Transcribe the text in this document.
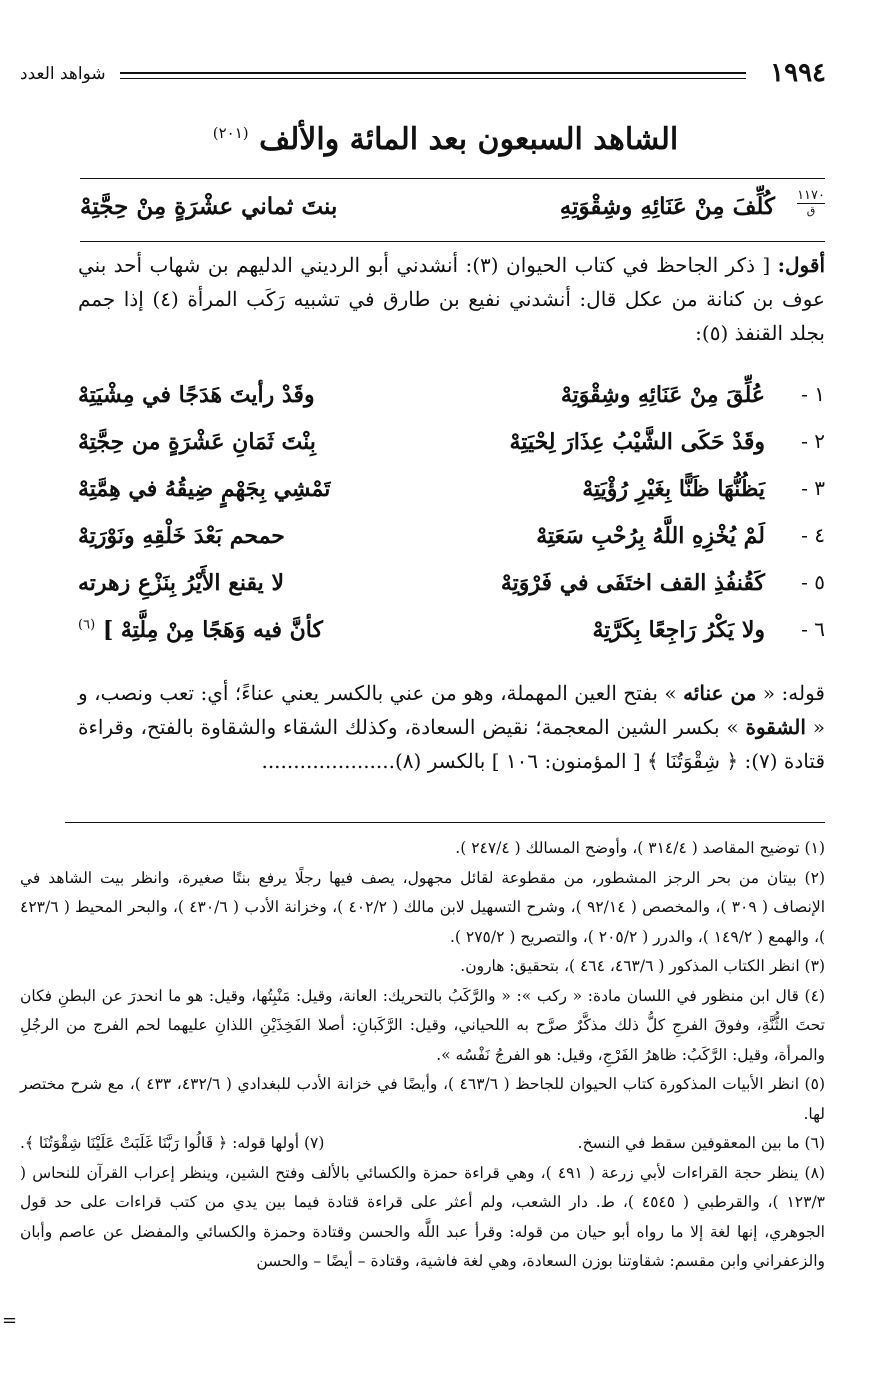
١٩٩٤
شواهد العدد
الشاهد السبعون بعد المائة والألف $^{(٢٠١)}$
١١٧٠
ق
كُلِّفَ مِنْ عَنَائِهِ وشِقْوَتِهِ
بنتَ ثماني عشْرَةٍ مِنْ حِجَّتِهْ
أقول: [ ذكر الجاحظ في كتاب الحيوان (٣): أنشدني أبو الرديني الدليهم بن شهاب أحد بني عوف بن كنانة من عكل قال: أنشدني نفيع بن طارق في تشبيه رَكَب المرأة (٤) إذا جمم بجلد القنفذ (٥):
١ -
عُلِّقَ مِنْ عَنَائِهِ وشِقْوَتِهْ
وقَدْ رأيتَ هَدَجًا في مِشْيَتِهْ
٢ -
وقَدْ حَكَى الشَّيْبُ عِذَارَ لِحْيَتِهْ
بِنْتَ ثَمَانِ عَشْرَةٍ من حِجَّتِهْ
٣ -
يَظُنُّهَا ظَنًّا بِغَيْرِ رُؤْيَتِهْ
تَمْشِي بِجَهْمٍ ضِيقُهُ في هِمَّتِهْ
٤ -
لَمْ يُخْزِهِ اللَّهُ بِرُحْبِ سَعَتِهْ
حمحم بَعْدَ خَلْقِهِ ونَوْرَتِهْ
٥ -
كَقُنفُذِ القف اختَفَى في فَرْوَتِهْ
لا يقنع الأَيْرُ بِنَزْعِ زهرته
٦ -
ولا يَكْرُ رَاجِعًا بِكَرَّتِهْ
كأنَّ فيه وَهَجًا مِنْ مِلَّتِهْ ] $^{(٦)}$
قوله: « من عنائه » بفتح العين المهملة، وهو من عني بالكسر يعني عناءً؛ أي: تعب ونصب، و « الشقوة » بكسر الشين المعجمة؛ نقيض السعادة، وكذلك الشقاء والشقاوة بالفتح، وقراءة قتادة (٧): ﴿ شِقْوَتُنَا ﴾ [ المؤمنون: ١٠٦ ] بالكسر (٨).....................

(١) توضيح المقاصد ( ٣١٤/٤ )، وأوضح المسالك ( ٢٤٧/٤ ).

(٢) بيتان من بحر الرجز المشطور، من مقطوعة لقائل مجهول، يصف فيها رجلًا يرفع بنتًا صغيرة، وانظر بيت الشاهد في الإنصاف ( ٣٠٩ )، والمخصص ( ٩٢/١٤ )، وشرح التسهيل لابن مالك ( ٤٠٢/٢ )، وخزانة الأدب ( ٤٣٠/٦ )، والبحر المحيط ( ٤٢٣/٦ )، والهمع ( ١٤٩/٢ )، والدرر ( ٢٠٥/٢ )، والتصريح ( ٢٧٥/٢ ).

(٣) انظر الكتاب المذكور ( ٤٦٣/٦، ٤٦٤ )، بتحقيق: هارون.

(٤) قال ابن منظور في اللسان مادة: « ركب »: « والرَّكَبُ بالتحريك: العانة، وقيل: مَنْبِتُها، وقيل: هو ما انحدرَ عن البطنِ فكان تحتَ الثُّنَّةِ، وفوقَ الفرجِ كلُّ ذلك مذكَّرٌ صرَّح به اللحياني، وقيل: الرَّكَبانِ: أصلا الفَخِذَيْنِ اللذانِ عليهما لحم الفرج من الرجُلِ والمرأة، وقيل: الرَّكَبُ: ظاهرُ الفَرْجِ، وقيل: هو الفرجُ نَفْسُه ».

(٥) انظر الأبيات المذكورة كتاب الحيوان للجاحظ ( ٤٦٣/٦ )، وأيضًا في خزانة الأدب للبغدادي ( ٤٣٢/٦، ٤٣٣ )، مع شرح مختصر لها.

(٦) ما بين المعقوفين سقط في النسخ.
(٧) أولها قوله: ﴿ قَالُوا رَبَّنَا غَلَبَتْ عَلَيْنَا شِقْوَتُنَا ﴾.

(٨) ينظر حجة القراءات لأبي زرعة ( ٤٩١ )، وهي قراءة حمزة والكسائي بالألف وفتح الشين، وينظر إعراب القرآن للنحاس ( ١٢٣/٣ )، والقرطبي ( ٤٥٤٥ )، ط. دار الشعب، ولم أعثر على قراءة قتادة فيما بين يدي من كتب قراءات على حد قول الجوهري، إنها لغة إلا ما رواه أبو حيان من قوله: وقرأ عبد اللَّه والحسن وقتادة وحمزة والكسائي والمفضل عن عاصم وأبان والزعفراني وابن مقسم: شقاوتنا بوزن السعادة، وهي لغة فاشية، وقتادة – أيضًا – والحسن

=
